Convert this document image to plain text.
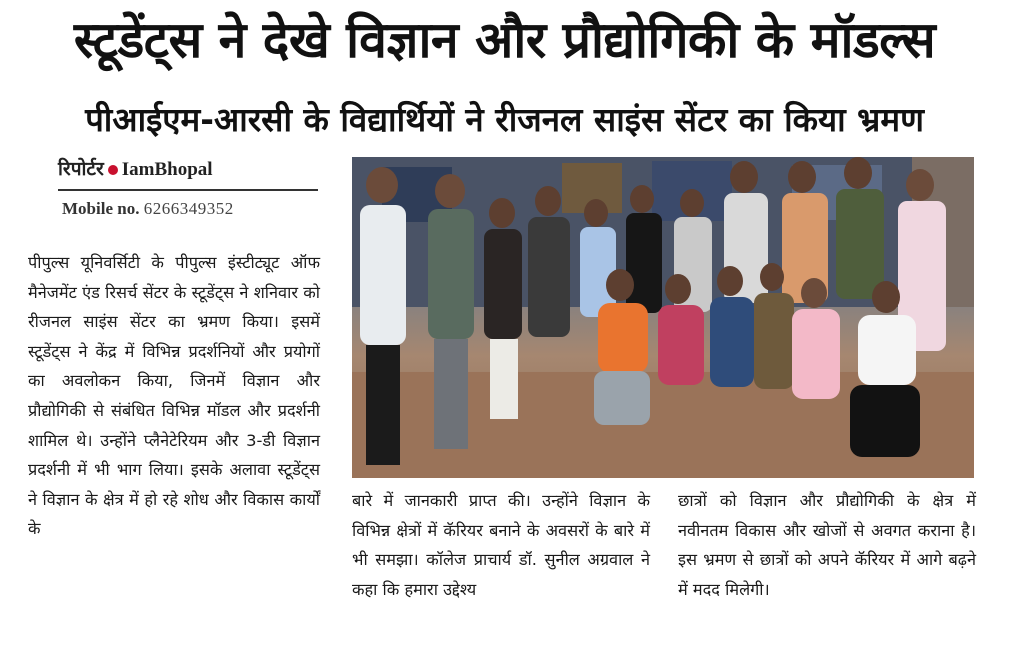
स्टूडेंट्स ने देखे विज्ञान और प्रौद्योगिकी के मॉडल्स
पीआईएम-आरसी के विद्यार्थियों ने रीजनल साइंस सेंटर का किया भ्रमण
रिपोर्टर IamBhopal
Mobile no. 6266349352
पीपुल्स यूनिवर्सिटी के पीपुल्स इंस्टीट्यूट ऑफ मैनेजमेंट एंड रिसर्च सेंटर के स्टूडेंट्स ने शनिवार को रीजनल साइंस सेंटर का भ्रमण किया। इसमें स्टूडेंट्स ने केंद्र में विभिन्न प्रदर्शनियों और प्रयोगों का अवलोकन किया, जिनमें विज्ञान और प्रौद्योगिकी से संबंधित विभिन्न मॉडल और प्रदर्शनी शामिल थे। उन्होंने प्लैनेटेरियम और 3-डी विज्ञान प्रदर्शनी में भी भाग लिया। इसके अलावा स्टूडेंट्स ने विज्ञान के क्षेत्र में हो रहे शोध और विकास कार्यों के
बारे में जानकारी प्राप्त की। उन्होंने विज्ञान के विभिन्न क्षेत्रों में कॅरियर बनाने के अवसरों के बारे में भी समझा। कॉलेज प्राचार्य डॉ. सुनील अग्रवाल ने कहा कि हमारा उद्देश्य
छात्रों को विज्ञान और प्रौद्योगिकी के क्षेत्र में नवीनतम विकास और खोजों से अवगत कराना है। इस भ्रमण से छात्रों को अपने कॅरियर में आगे बढ़ने में मदद मिलेगी।
